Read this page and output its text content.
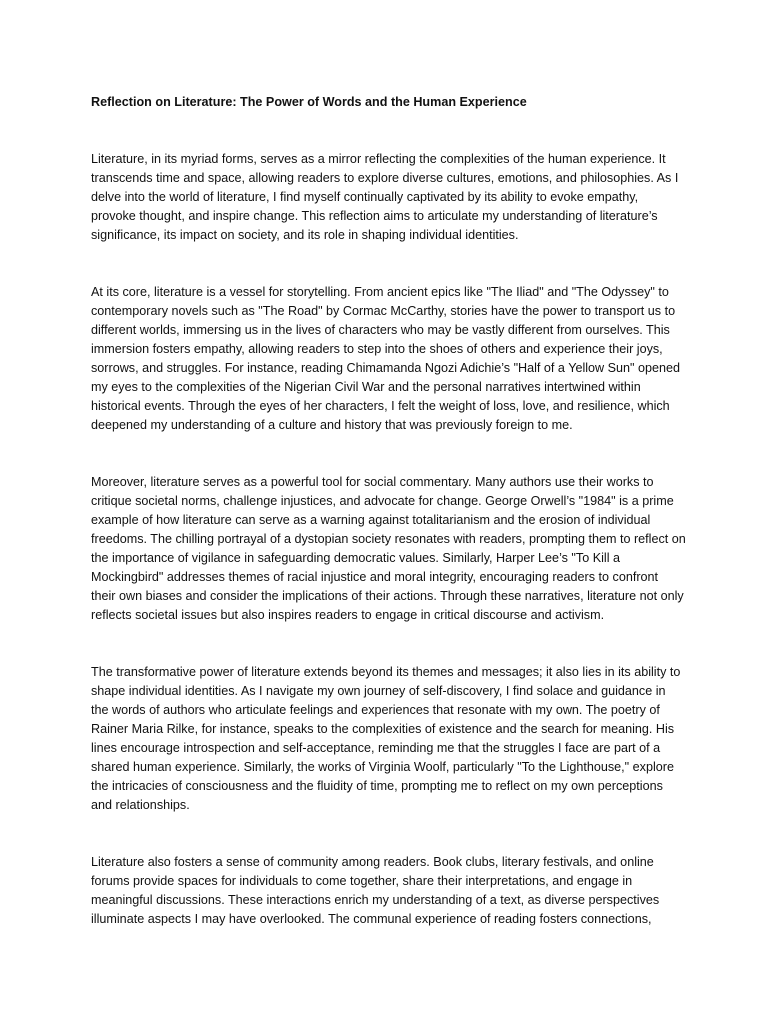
Reflection on Literature: The Power of Words and the Human Experience

Literature, in its myriad forms, serves as a mirror reflecting the complexities of the human experience. It transcends time and space, allowing readers to explore diverse cultures, emotions, and philosophies. As I delve into the world of literature, I find myself continually captivated by its ability to evoke empathy, provoke thought, and inspire change. This reflection aims to articulate my understanding of literature’s significance, its impact on society, and its role in shaping individual identities.

At its core, literature is a vessel for storytelling. From ancient epics like "The Iliad" and "The Odyssey" to contemporary novels such as "The Road" by Cormac McCarthy, stories have the power to transport us to different worlds, immersing us in the lives of characters who may be vastly different from ourselves. This immersion fosters empathy, allowing readers to step into the shoes of others and experience their joys, sorrows, and struggles. For instance, reading Chimamanda Ngozi Adichie’s "Half of a Yellow Sun" opened my eyes to the complexities of the Nigerian Civil War and the personal narratives intertwined within historical events. Through the eyes of her characters, I felt the weight of loss, love, and resilience, which deepened my understanding of a culture and history that was previously foreign to me.

Moreover, literature serves as a powerful tool for social commentary. Many authors use their works to critique societal norms, challenge injustices, and advocate for change. George Orwell’s "1984" is a prime example of how literature can serve as a warning against totalitarianism and the erosion of individual freedoms. The chilling portrayal of a dystopian society resonates with readers, prompting them to reflect on the importance of vigilance in safeguarding democratic values. Similarly, Harper Lee’s "To Kill a Mockingbird" addresses themes of racial injustice and moral integrity, encouraging readers to confront their own biases and consider the implications of their actions. Through these narratives, literature not only reflects societal issues but also inspires readers to engage in critical discourse and activism.

The transformative power of literature extends beyond its themes and messages; it also lies in its ability to shape individual identities. As I navigate my own journey of self-discovery, I find solace and guidance in the words of authors who articulate feelings and experiences that resonate with my own. The poetry of Rainer Maria Rilke, for instance, speaks to the complexities of existence and the search for meaning. His lines encourage introspection and self-acceptance, reminding me that the struggles I face are part of a shared human experience. Similarly, the works of Virginia Woolf, particularly "To the Lighthouse," explore the intricacies of consciousness and the fluidity of time, prompting me to reflect on my own perceptions and relationships.

Literature also fosters a sense of community among readers. Book clubs, literary festivals, and online forums provide spaces for individuals to come together, share their interpretations, and engage in meaningful discussions. These interactions enrich my understanding of a text, as diverse perspectives illuminate aspects I may have overlooked. The communal experience of reading fosters connections,
